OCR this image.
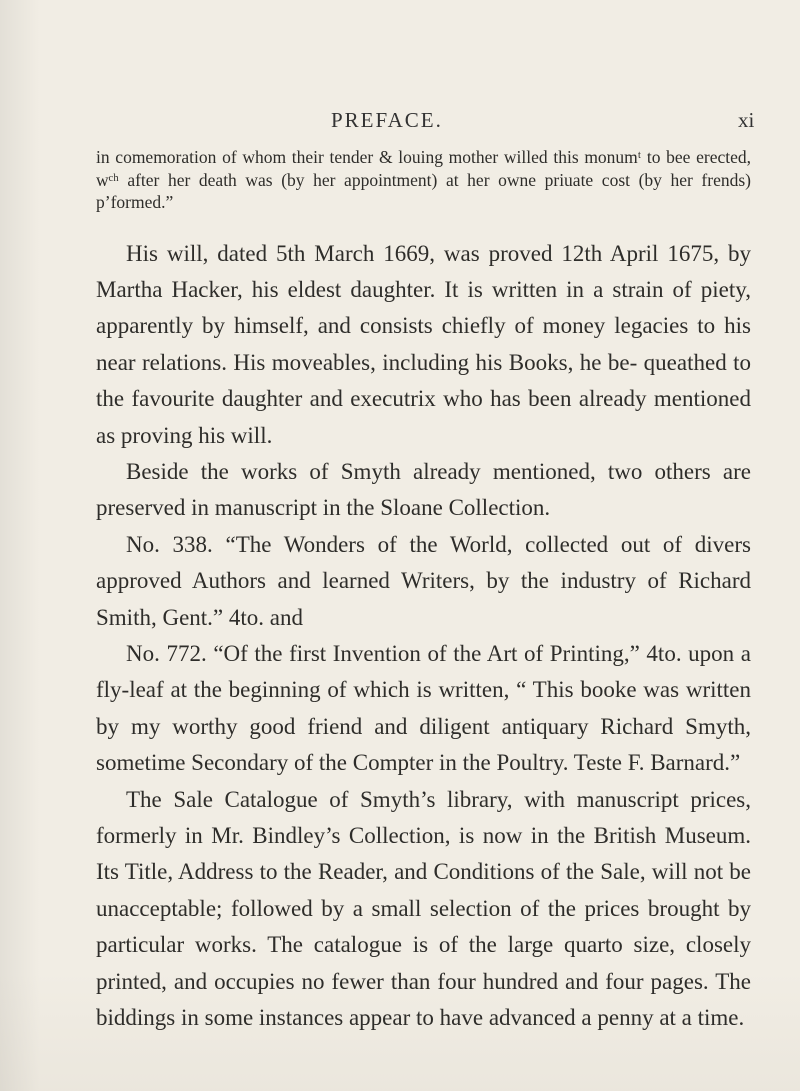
PREFACE.	xi

in comemoration of whom their tender & louing mother willed this monumᵗ to bee erected, wᶜʰ after her death was (by her appointment) at her owne priuate cost (by her frends) p’formed.”

His will, dated 5th March 1669, was proved 12th April 1675, by Martha Hacker, his eldest daughter. It is written in a strain of piety, apparently by himself, and consists chiefly of money legacies to his near relations. His moveables, including his Books, he be- queathed to the favourite daughter and executrix who has been already mentioned as proving his will.

Beside the works of Smyth already mentioned, two others are preserved in manuscript in the Sloane Collection.

No. 338. “The Wonders of the World, collected out of divers approved Authors and learned Writers, by the industry of Richard Smith, Gent.” 4to. and

No. 772. “Of the first Invention of the Art of Printing,” 4to. upon a fly-leaf at the beginning of which is written, “ This booke was written by my worthy good friend and diligent antiquary Richard Smyth, sometime Secondary of the Compter in the Poultry. Teste F. Barnard.”

The Sale Catalogue of Smyth’s library, with manuscript prices, formerly in Mr. Bindley’s Collection, is now in the British Museum. Its Title, Address to the Reader, and Conditions of the Sale, will not be unacceptable; followed by a small selection of the prices brought by particular works. The catalogue is of the large quarto size, closely printed, and occupies no fewer than four hundred and four pages. The biddings in some instances appear to have advanced a penny at a time.
